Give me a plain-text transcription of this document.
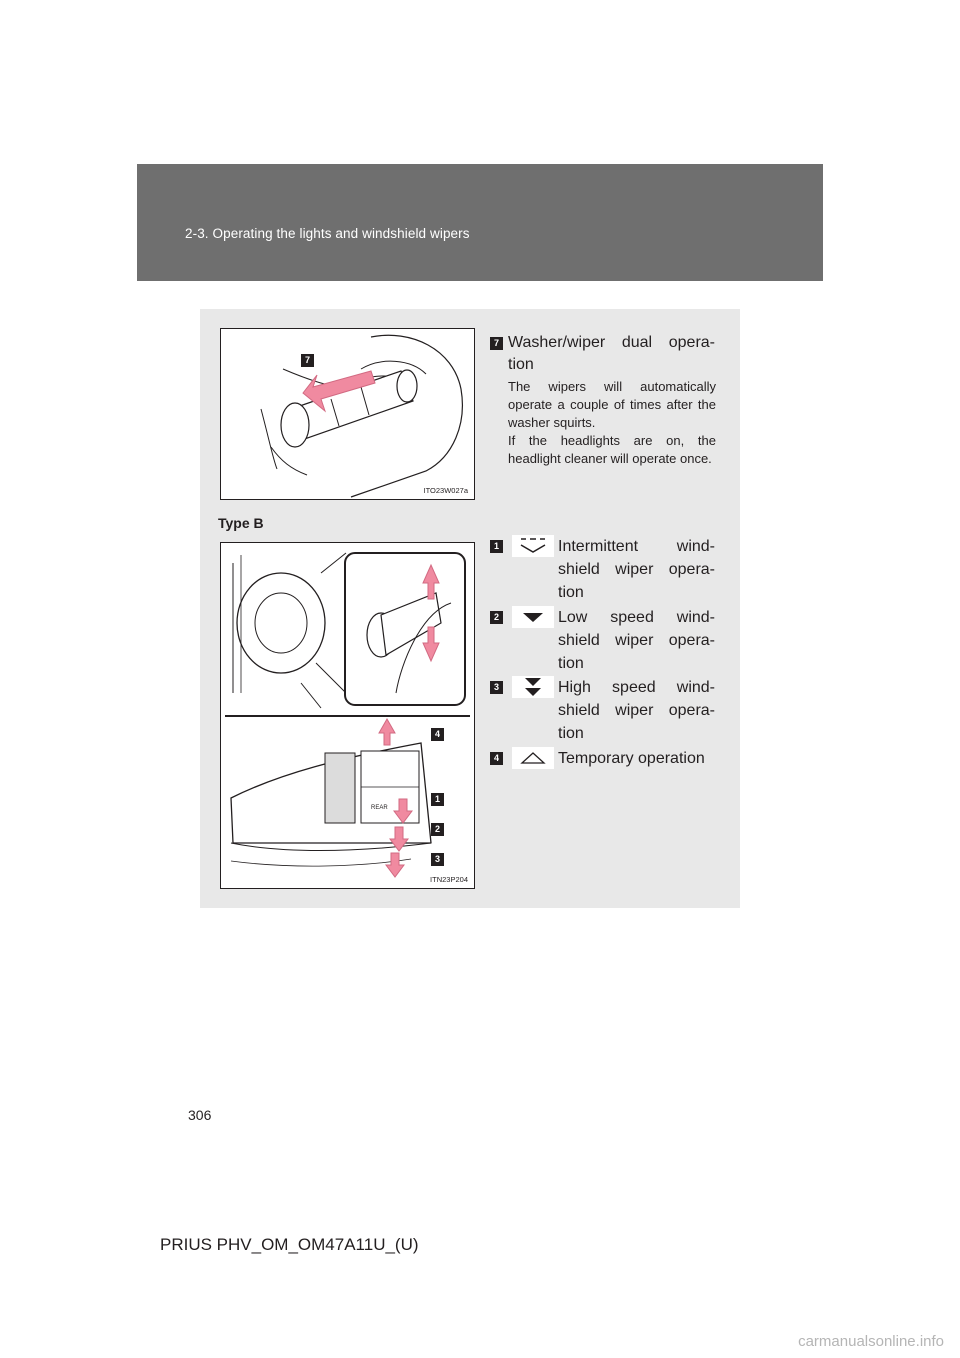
2-3. Operating the lights and windshield wipers
7
ITO23W027a
7 Washer/wiper dual opera-tion
The wipers will automatically operate a couple of times after the washer squirts.
If the headlights are on, the headlight cleaner will operate once.
Type B
REAR
4
1
2
3
ITN23P204
1	Intermittent wind-shield wiper opera-tion
2	Low speed wind-shield wiper opera-tion
3	High speed wind-shield wiper opera-tion
4	Temporary operation
306
PRIUS PHV_OM_OM47A11U_(U)
carmanualsonline.info
